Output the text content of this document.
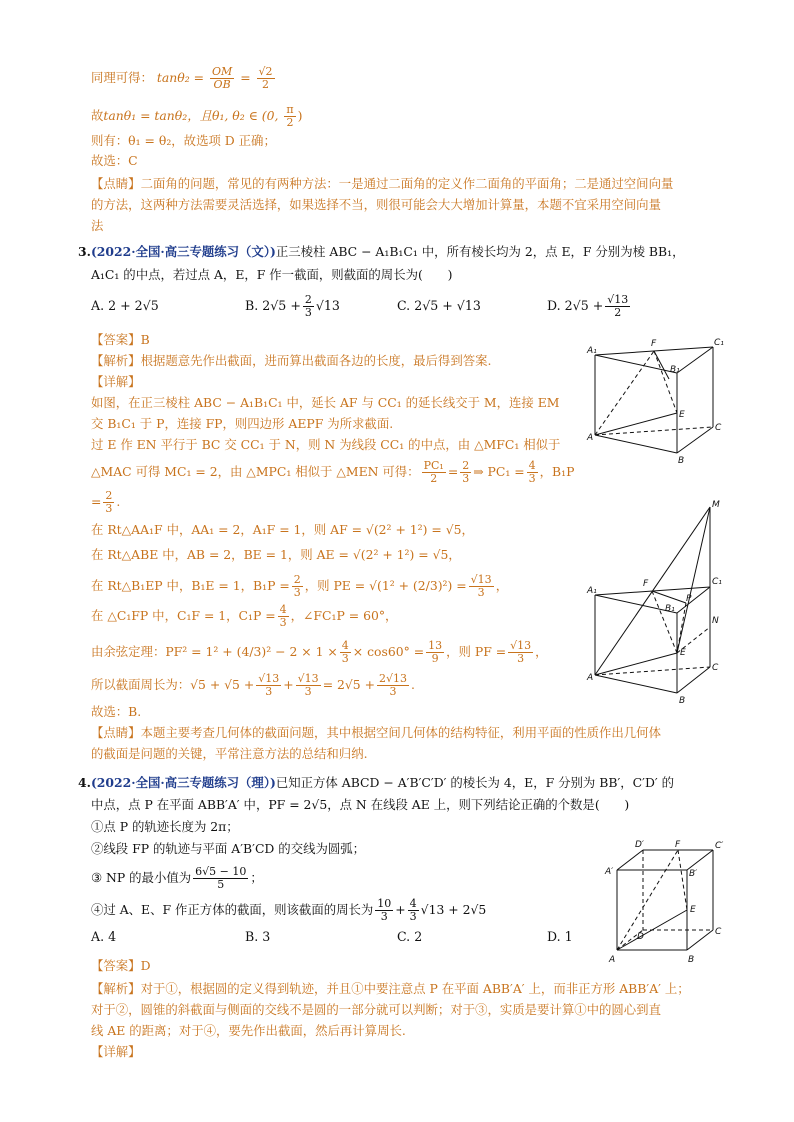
同理可得： $\tan\theta_2 = \frac{OM}{OB} = \frac{√2}{2}$
故tanθ₁ = tanθ₂，且θ₁, θ₂ ∈ (0, $\frac{\pi}{2}$ )
则有：θ₁ = θ₂，故选项 D 正确；
故选：C
【点睛】二面角的问题，常见的有两种方法：一是通过二面角的定义作二面角的平面角；二是通过空间向量
的方法，这两种方法需要灵活选择，如果选择不当，则很可能会大大增加计算量，本题不宜采用空间向量
法
3.(2022·全国·高三专题练习（文）)正三棱柱 ABC − A₁B₁C₁ 中，所有棱长均为 2，点 E，F 分别为棱 BB₁，
A₁C₁ 的中点，若过点 A，E，F 作一截面，则截面的周长为(　　)
A. 2 + 2√5	B. $2√5 + \frac{2}{3} √13$	C. 2√5 + √13	D. $2√5 + \frac{√13}{2}$
【答案】B
【解析】根据题意先作出截面，进而算出截面各边的长度，最后得到答案.
【详解】
如图，在正三棱柱 ABC − A₁B₁C₁ 中，延长 AF 与 CC₁ 的延长线交于 M，连接 EM
交 B₁C₁ 于 P，连接 FP，则四边形 AEPF 为所求截面.
过 E 作 EN 平行于 BC 交 CC₁ 于 N，则 N 为线段 CC₁ 的中点，由 △MFC₁ 相似于
△MAC 可得 MC₁ = 2，由 △MPC₁ 相似于 △MEN 可得： $\frac{\text{PC₁}}{2} = \frac{2}{3}$ ⇒ $PC_1 = \frac{4}{3}$ ，B₁P
= $\frac{2}{3}$ .
在 Rt△AA₁F 中，AA₁ = 2，A₁F = 1，则 AF = √(2² + 1²) = √5，
在 Rt△ABE 中，AB = 2，BE = 1，则 AE = √(2² + 1²) = √5，
在 Rt△B₁EP 中，B₁E = 1，$B_1P = \frac{2}{3}$ ，则 PE = $√(1^2 + (2/3)^2) = \frac{√13}{3}$ ，
在 △C₁FP 中，C₁F = 1，$C_1P = \frac{4}{3}$ ，∠FC₁P = 60°，
由余弦定理：$PF^2 = 1^2 + (4/3)^2 - 2 \times 1 \times \frac{4}{3} \times \cos 60^\circ = \frac{13}{9}$ ，则 PF = $\frac{√13}{3}$ ，
所以截面周长为：$√5 + √5 + \frac{√13}{3} + \frac{√13}{3} = 2√5 + \frac{2√13}{3}$ .
故选：B.
【点睛】本题主要考查几何体的截面问题，其中根据空间几何体的结构特征，利用平面的性质作出几何体
的截面是问题的关键，平常注意方法的总结和归纳.
4.(2022·全国·高三专题练习（理）)已知正方体 ABCD − A′B′C′D′ 的棱长为 4，E，F 分别为 BB′，C′D′ 的
中点，点 P 在平面 ABB′A′ 中，PF = 2√5，点 N 在线段 AE 上，则下列结论正确的个数是(　　)
①点 P 的轨迹长度为 2π；
②线段 FP 的轨迹与平面 A′B′CD 的交线为圆弧；
③ NP 的最小值为 $\frac{6√5 - 10}{5}$ ；
④过 A、E、F 作正方体的截面，则该截面的周长为 $\frac{10}{3} + \frac{4}{3} √13 + 2√5$
A. 4	B. 3	C. 2	D. 1
【答案】D
【解析】对于①，根据圆的定义得到轨迹，并且①中要注意点 P 在平面 ABB′A′ 上，而非正方形 ABB′A′ 上；
对于②，圆锥的斜截面与侧面的交线不是圆的一部分就可以判断；对于③，实质是要计算①中的圆心到直
线 AE 的距离；对于④，要先作出截面，然后再计算周长.
【详解】
A₁
F	C₁
B₁
E
A
C
B
M
A₁
F	C₁
B₁
P
N
E
A
C
B
D′	F	C′
A′	B′
D	C
E
A	B
